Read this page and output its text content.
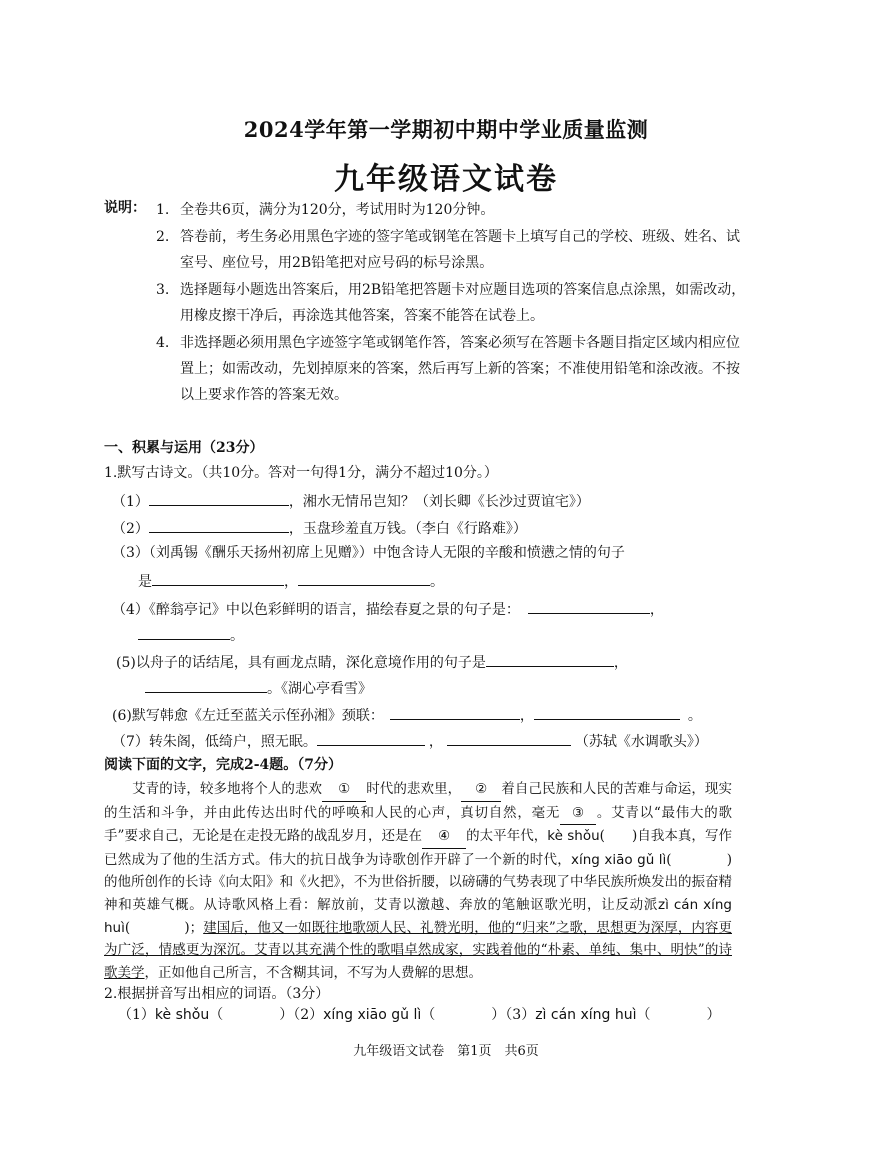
2024学年第一学期初中期中学业质量监测
九年级语文试卷
说明： 1. 全卷共6页，满分为120分，考试用时为120分钟。
2. 答卷前，考生务必用黑色字迹的签字笔或钢笔在答题卡上填写自己的学校、班级、姓名、试室号、座位号，用2B铅笔把对应号码的标号涂黑。
3. 选择题每小题选出答案后，用2B铅笔把答题卡对应题目选项的答案信息点涂黑，如需改动，用橡皮擦干净后，再涂选其他答案，答案不能答在试卷上。
4. 非选择题必须用黑色字迹签字笔或钢笔作答，答案必须写在答题卡各题目指定区域内相应位置上；如需改动，先划掉原来的答案，然后再写上新的答案；不准使用铅笔和涂改液。不按以上要求作答的答案无效。
一、积累与运用（23分）
1.默写古诗文。（共10分。答对一句得1分，满分不超过10分。）
（1）	，湘水无情吊岂知？（刘长卿《长沙过贾谊宅》）
（2）	，玉盘珍羞直万钱。（李白《行路难》）
（3）（刘禹锡《酬乐天扬州初席上见赠》）中饱含诗人无限的辛酸和愤懑之情的句子
是	，	。
（4）《醉翁亭记》中以色彩鲜明的语言，描绘春夏之景的句子是：	，
。
(5)以舟子的话结尾，具有画龙点睛，深化意境作用的句子是	，
。《湖心亭看雪》
(6)默写韩愈《左迁至蓝关示侄孙湘》颈联：	，	。
（7）转朱阁，低绮户，照无眠。	，	（苏轼《水调歌头》）
阅读下面的文字，完成2-4题。（7分）
艾青的诗，较多地将个人的悲欢 ① 时代的悲欢里， ② 着自己民族和人民的苦难与命运，现实的生活和斗争，并由此传达出时代的呼唤和人民的心声，真切自然，毫无 ③ 。艾青以“最伟大的歌手”要求自己，无论是在走投无路的战乱岁月，还是在 ④ 的太平年代，kè shǒu(　　)自我本真，写作已然成为了他的生活方式。伟大的抗日战争为诗歌创作开辟了一个新的时代，xíng xiāo gǔ lì(　　　　)的他所创作的长诗《向太阳》和《火把》，不为世俗折腰，以磅礴的气势表现了中华民族所焕发出的振奋精神和英雄气概。从诗歌风格上看：解放前，艾青以激越、奔放的笔触讴歌光明，让反动派zì cán xíng huì(　　　　)；建国后，他又一如既往地歌颂人民、礼赞光明，他的“归来”之歌，思想更为深厚，内容更为广泛，情感更为深沉。艾青以其充满个性的歌唱卓然成家，实践着他的“朴素、单纯、集中、明快”的诗歌美学，正如他自己所言，不含糊其词，不写为人费解的思想。
2.根据拼音写出相应的词语。（3分）
（1）kè shǒu（　　　　）（2）xíng xiāo gǔ lì（　　　　）（3）zì cán xíng huì（　　　　）
九年级语文试卷　第1页　共6页
